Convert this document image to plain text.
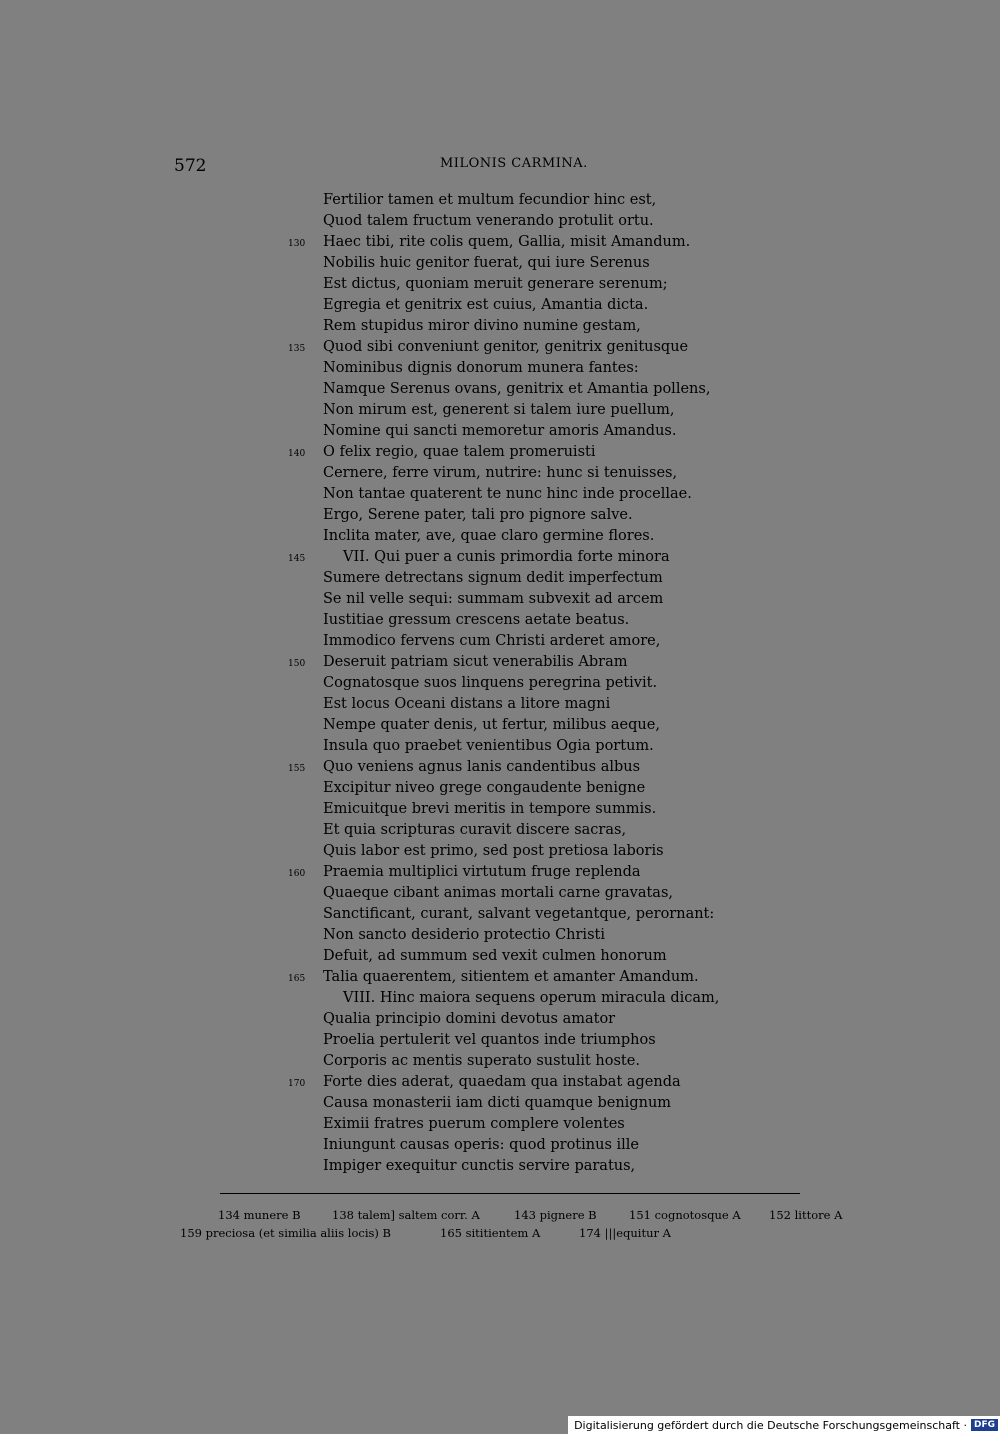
572	MILONIS CARMINA.
Fertilior tamen et multum fecundior hinc est,
Quod talem fructum venerando protulit ortu.
130 Haec tibi, rite colis quem, Gallia, misit Amandum.
Nobilis huic genitor fuerat, qui iure Serenus
Est dictus, quoniam meruit generare serenum;
Egregia et genitrix est cuius, Amantia dicta.
Rem stupidus miror divino numine gestam,
135 Quod sibi conveniunt genitor, genitrix genitusque
Nominibus dignis donorum munera fantes:
Namque Serenus ovans, genitrix et Amantia pollens,
Non mirum est, generent si talem iure puellum,
Nomine qui sancti memoretur amoris Amandus.
140 O felix regio, quae talem promeruisti
Cernere, ferre virum, nutrire: hunc si tenuisses,
Non tantae quaterent te nunc hinc inde procellae.
Ergo, Serene pater, tali pro pignore salve.
Inclita mater, ave, quae claro germine flores.
145	VII. Qui puer a cunis primordia forte minora
Sumere detrectans signum dedit imperfectum
Se nil velle sequi: summam subvexit ad arcem
Iustitiae gressum crescens aetate beatus.
Immodico fervens cum Christi arderet amore,
150 Deseruit patriam sicut venerabilis Abram
Cognatosque suos linquens peregrina petivit.
Est locus Oceani distans a litore magni
Nempe quater denis, ut fertur, milibus aeque,
Insula quo praebet venientibus Ogia portum.
155 Quo veniens agnus lanis candentibus albus
Excipitur niveo grege congaudente benigne
Emicuitque brevi meritis in tempore summis.
Et quia scripturas curavit discere sacras,
Quis labor est primo, sed post pretiosa laboris
160 Praemia multiplici virtutum fruge replenda
Quaeque cibant animas mortali carne gravatas,
Sanctificant, curant, salvant vegetantque, perornant:
Non sancto desiderio protectio Christi
Defuit, ad summum sed vexit culmen honorum
165 Talia quaerentem, sitientem et amanter Amandum.
VIII. Hinc maiora sequens operum miracula dicam,
Qualia principio domini devotus amator
Proelia pertulerit vel quantos inde triumphos
Corporis ac mentis superato sustulit hoste.
170 Forte dies aderat, quaedam qua instabat agenda
Causa monasterii iam dicti quamque benignum
Eximii fratres puerum complere volentes
Iniungunt causas operis: quod protinus ille
Impiger exequitur cunctis servire paratus,
134 munere B	138 talem] saltem corr. A	143 pignere B	151 cognotosque A 152 littore A
159 preciosa (et similia aliis locis) B	165 sititientem A	174 |||equitur A
Digitalisierung gefördert durch die Deutsche Forschungsgemeinschaft · DFG
